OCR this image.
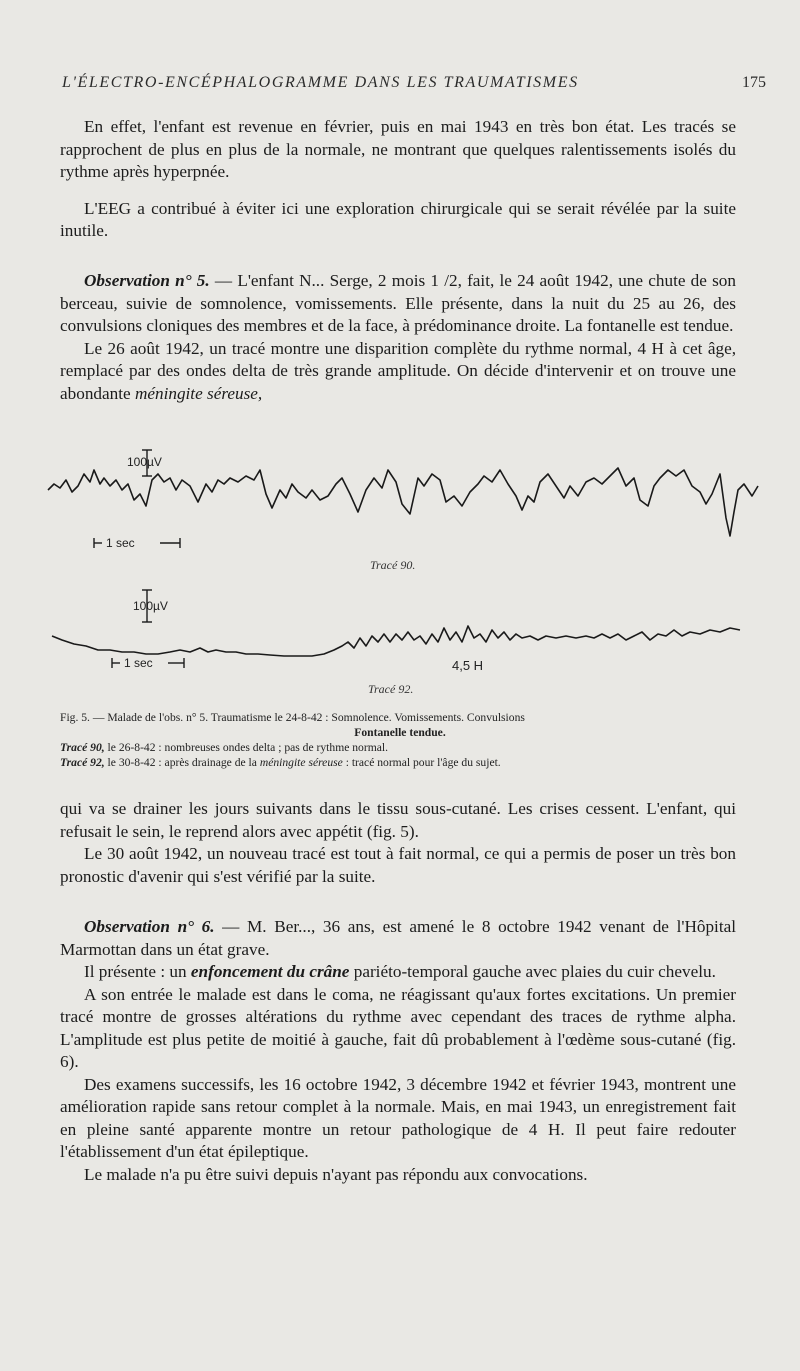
L'ÉLECTRO-ENCÉPHALOGRAMME DANS LES TRAUMATISMES	175

En effet, l'enfant est revenue en février, puis en mai 1943 en très bon état. Les tracés se rapprochent de plus en plus de la normale, ne montrant que quelques ralentissements isolés du rythme après hyperpnée.

L'EEG a contribué à éviter ici une exploration chirurgicale qui se serait révélée par la suite inutile.

Observation n° 5. — L'enfant N... Serge, 2 mois 1 /2, fait, le 24 août 1942, une chute de son berceau, suivie de somnolence, vomissements. Elle présente, dans la nuit du 25 au 26, des convulsions cloniques des membres et de la face, à prédominance droite. La fontanelle est tendue.

Le 26 août 1942, un tracé montre une disparition complète du rythme normal, 4 H à cet âge, remplacé par des ondes delta de très grande amplitude. On décide d'intervenir et on trouve une abondante méningite séreuse,

100µV
1 sec
Tracé 90.
100µV
1 sec	4,5 H
Tracé 92.
Fig. 5. — Malade de l'obs. n° 5. Traumatisme le 24-8-42 : Somnolence. Vomissements. Convulsions
Fontanelle tendue.
Tracé 90, le 26-8-42 : nombreuses ondes delta ; pas de rythme normal.
Tracé 92, le 30-8-42 : après drainage de la méningite séreuse : tracé normal pour l'âge du sujet.

qui va se drainer les jours suivants dans le tissu sous-cutané. Les crises cessent. L'enfant, qui refusait le sein, le reprend alors avec appétit (fig. 5).

Le 30 août 1942, un nouveau tracé est tout à fait normal, ce qui a permis de poser un très bon pronostic d'avenir qui s'est vérifié par la suite.

Observation n° 6. — M. Ber..., 36 ans, est amené le 8 octobre 1942 venant de l'Hôpital Marmottan dans un état grave.

Il présente : un enfoncement du crâne pariéto-temporal gauche avec plaies du cuir chevelu.

A son entrée le malade est dans le coma, ne réagissant qu'aux fortes excitations. Un premier tracé montre de grosses altérations du rythme avec cependant des traces de rythme alpha. L'amplitude est plus petite de moitié à gauche, fait dû probablement à l'œdème sous-cutané (fig. 6).

Des examens successifs, les 16 octobre 1942, 3 décembre 1942 et février 1943, montrent une amélioration rapide sans retour complet à la normale. Mais, en mai 1943, un enregistrement fait en pleine santé apparente montre un retour pathologique de 4 H. Il peut faire redouter l'établissement d'un état épileptique.

Le malade n'a pu être suivi depuis n'ayant pas répondu aux convocations.
